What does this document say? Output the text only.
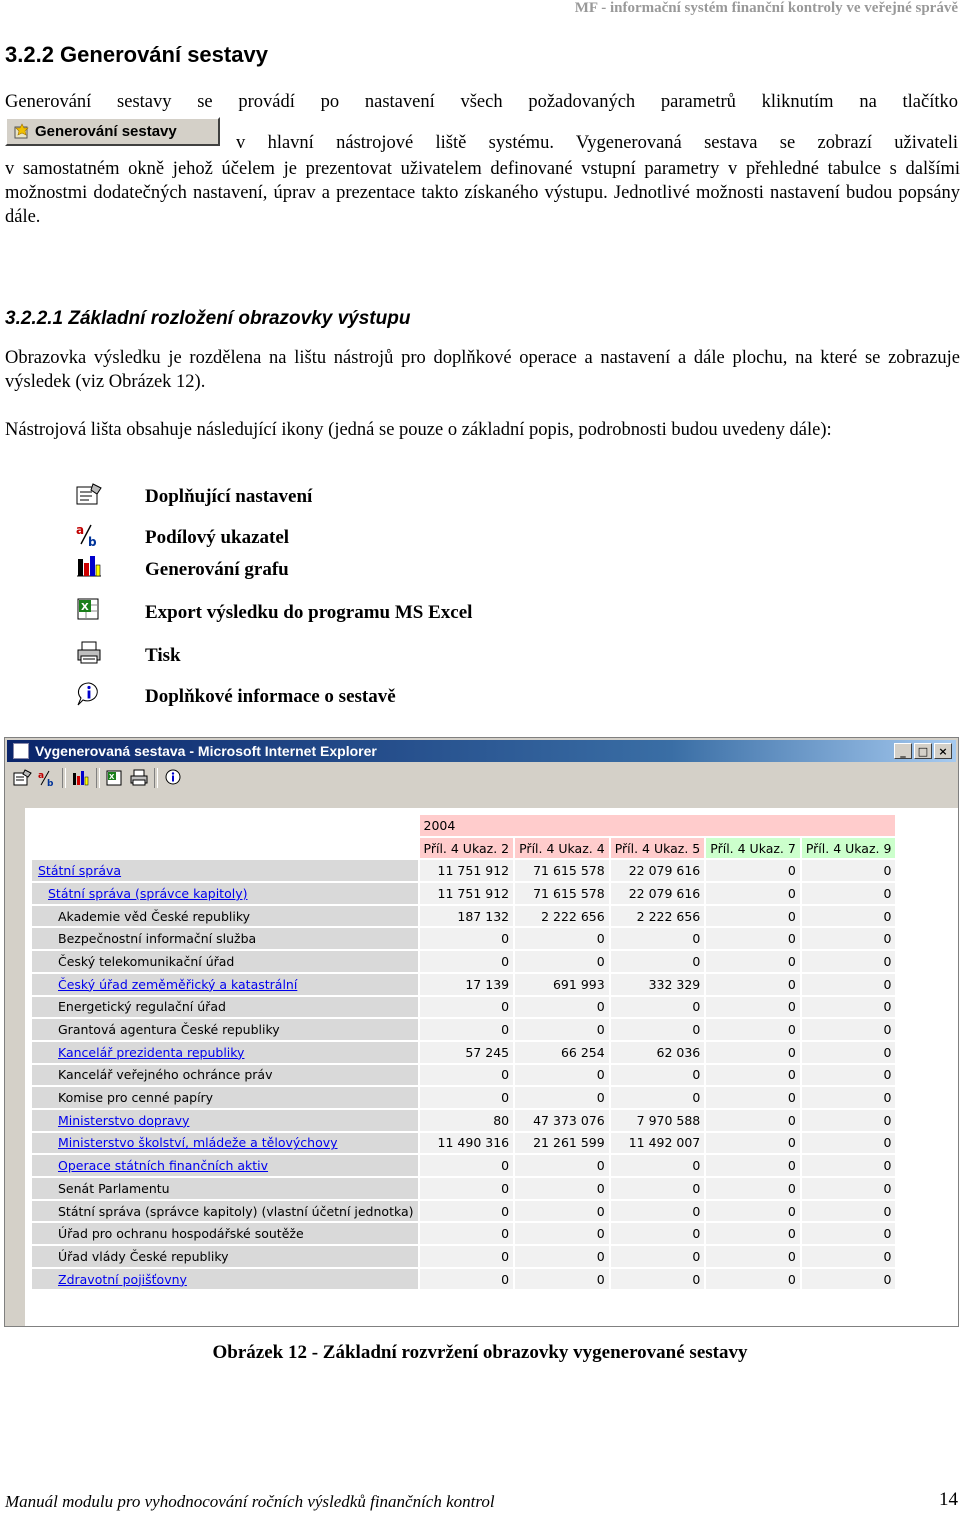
MF - informační systém finanční kontroly ve veřejné správě
3.2.2 Generování sestavy
Generování sestavy se provádí po nastavení všech požadovaných parametrů kliknutím na tlačítko
Generování sestavy
v hlavní nástrojové liště systému. Vygenerovaná sestava se zobrazí uživateli
v samostatném okně jehož účelem je prezentovat uživatelem definované vstupní parametry v přehledné tabulce s dalšími možnostmi dodatečných nastavení, úprav a prezentace takto získaného výstupu. Jednotlivé možnosti nastavení budou popsány dále.
3.2.2.1 Základní rozložení obrazovky výstupu
Obrazovka výsledku je rozdělena na lištu nástrojů pro doplňkové operace a nastavení a dále plochu, na které se zobrazuje výsledek (viz Obrázek 12).
Nástrojová lišta obsahuje následující ikony (jedná se pouze o základní popis, podrobnosti budou uvedeny dále):
Doplňující nastavení
a
b	Podílový ukazatel
Generování grafu
X	Export výsledku do programu MS Excel
Tisk
Doplňkové informace o sestavě
Vygenerovaná sestava - Microsoft Internet Explorer	_	□ ×
a
b
X
	2004				
	Příl. 4 Ukaz. 2	Příl. 4 Ukaz. 4	Příl. 4 Ukaz. 5	Příl. 4 Ukaz. 7	Příl. 4 Ukaz. 9
Státní správa	11 751 912	71 615 578	22 079 616	0	0
Státní správa (správce kapitoly)	11 751 912	71 615 578	22 079 616	0	0
Akademie věd České republiky	187 132	2 222 656	2 222 656	0	0
Bezpečnostní informační služba	0	0	0	0	0
Český telekomunikační úřad	0	0	0	0	0
Český úřad zeměměřický a katastrální	17 139	691 993	332 329	0	0
Energetický regulační úřad	0	0	0	0	0
Grantová agentura České republiky	0	0	0	0	0
Kancelář prezidenta republiky	57 245	66 254	62 036	0	0
Kancelář veřejného ochránce práv	0	0	0	0	0
Komise pro cenné papíry	0	0	0	0	0
Ministerstvo dopravy	80	47 373 076	7 970 588	0	0
Ministerstvo školství, mládeže a tělovýchovy	11 490 316	21 261 599	11 492 007	0	0
Operace státních finančních aktiv	0	0	0	0	0
Senát Parlamentu	0	0	0	0	0
Státní správa (správce kapitoly) (vlastní účetní jednotka)	0	0	0	0	0
Úřad pro ochranu hospodářské soutěže	0	0	0	0	0
Úřad vlády České republiky	0	0	0	0	0
Zdravotní pojišťovny	0	0	0	0	0
Obrázek 12 - Základní rozvržení obrazovky vygenerované sestavy
Manuál modulu pro vyhodnocování ročních výsledků finančních kontrol	14
